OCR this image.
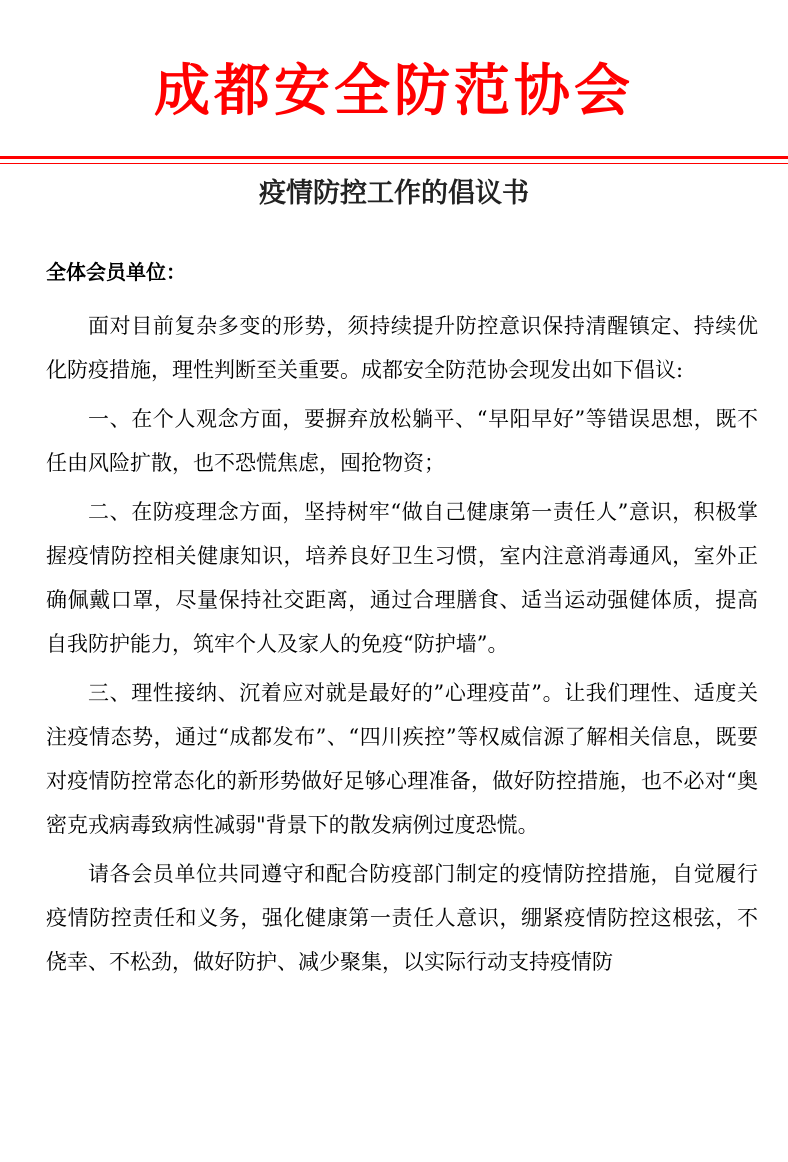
成都安全防范协会
疫情防控工作的倡议书

全体会员单位：

面对目前复杂多变的形势，须持续提升防控意识保持清醒镇定、持续优化防疫措施，理性判断至关重要。成都安全防范协会现发出如下倡议:

一、在个人观念方面，要摒弃放松躺平、“早阳早好”等错误思想，既不任由风险扩散，也不恐慌焦虑，囤抢物资；

二、在防疫理念方面，坚持树牢“做自己健康第一责任人”意识，积极掌握疫情防控相关健康知识，培养良好卫生习惯，室内注意消毒通风，室外正确佩戴口罩，尽量保持社交距离，通过合理膳食、适当运动强健体质，提高自我防护能力，筑牢个人及家人的免疫“防护墙”。

三、理性接纳、沉着应对就是最好的”心理疫苗”。让我们理性、适度关注疫情态势，通过“成都发布”、“四川疾控”等权威信源了解相关信息，既要对疫情防控常态化的新形势做好足够心理准备，做好防控措施，也不必对“奥密克戎病毒致病性减弱"背景下的散发病例过度恐慌。

请各会员单位共同遵守和配合防疫部门制定的疫情防控措施，自觉履行疫情防控责任和义务，强化健康第一责任人意识，绷紧疫情防控这根弦，不侥幸、不松劲，做好防护、减少聚集，以实际行动支持疫情防
